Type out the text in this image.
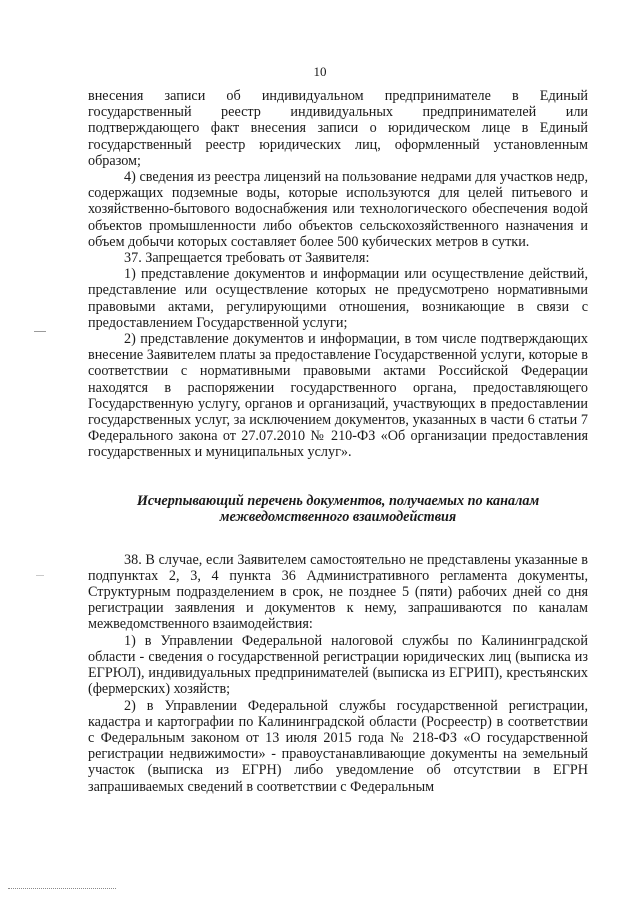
10

внесения записи об индивидуальном предпринимателе в Единый государственный реестр индивидуальных предпринимателей или подтверждающего факт внесения записи о юридическом лице в Единый государственный реестр юридических лиц, оформленный установленным образом;

4) сведения из реестра лицензий на пользование недрами для участков недр, содержащих подземные воды, которые используются для целей питьевого и хозяйственно-бытового водоснабжения или технологического обеспечения водой объектов промышленности либо объектов сельскохозяйственного назначения и объем добычи которых составляет более 500 кубических метров в сутки.

37. Запрещается требовать от Заявителя:

1) представление документов и информации или осуществление действий, представление или осуществление которых не предусмотрено нормативными правовыми актами, регулирующими отношения, возникающие в связи с предоставлением Государственной услуги;

2) представление документов и информации, в том числе подтверждающих внесение Заявителем платы за предоставление Государственной услуги, которые в соответствии с нормативными правовыми актами Российской Федерации находятся в распоряжении государственного органа, предоставляющего Государственную услугу, органов и организаций, участвующих в предоставлении государственных услуг, за исключением документов, указанных в части 6 статьи 7 Федерального закона от 27.07.2010 № 210-ФЗ «Об организации предоставления государственных и муниципальных услуг».

Исчерпывающий перечень документов, получаемых по каналам межведомственного взаимодействия

38. В случае, если Заявителем самостоятельно не представлены указанные в подпунктах 2, 3, 4 пункта 36 Административного регламента документы, Структурным подразделением в срок, не позднее 5 (пяти) рабочих дней со дня регистрации заявления и документов к нему, запрашиваются по каналам межведомственного взаимодействия:

1) в Управлении Федеральной налоговой службы по Калининградской области - сведения о государственной регистрации юридических лиц (выписка из ЕГРЮЛ), индивидуальных предпринимателей (выписка из ЕГРИП), крестьянских (фермерских) хозяйств;

2) в Управлении Федеральной службы государственной регистрации, кадастра и картографии по Калининградской области (Росреестр) в соответствии с Федеральным законом от 13 июля 2015 года № 218-ФЗ «О государственной регистрации недвижимости» - правоустанавливающие документы на земельный участок (выписка из ЕГРН) либо уведомление об отсутствии в ЕГРН запрашиваемых сведений в соответствии с Федеральным
